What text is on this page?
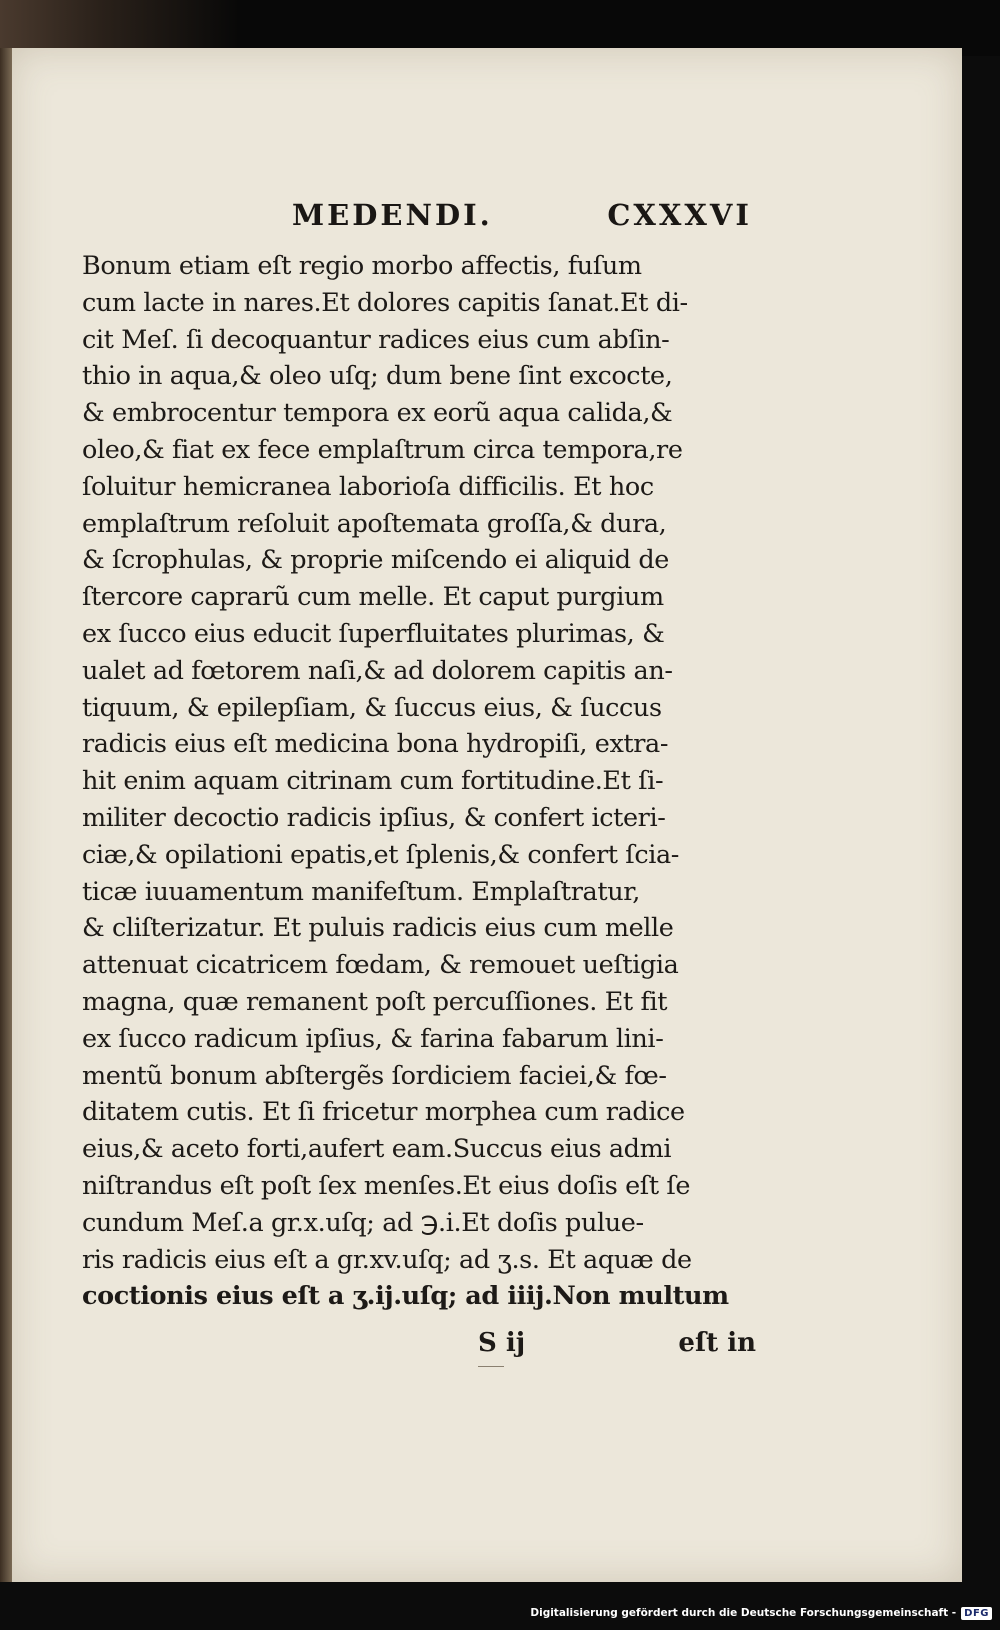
MEDENDI.	CXXXVI
Bonum etiam eſt regio morbo affectis, fuſum
cum lacte in nares.Et dolores capitis ſanat.Et di-
cit Meſ. ſi decoquantur radices eius cum abſin-
thio in aqua,& oleo uſq; dum bene ſint excocte,
& embrocentur tempora ex eorũ aqua calida,&
oleo,& fiat ex fece emplaſtrum circa tempora,re
ſoluitur hemicranea laborioſa difficilis. Et hoc
emplaſtrum reſoluit apoſtemata groſſa,& dura,
& ſcrophulas, & proprie miſcendo ei aliquid de
ſtercore caprarũ cum melle. Et caput purgium
ex ſucco eius educit ſuperfluitates plurimas, &
ualet ad fœtorem naſi,& ad dolorem capitis an-
tiquum, & epilepſiam, & ſuccus eius, & ſuccus
radicis eius eſt medicina bona hydropiſi, extra-
hit enim aquam citrinam cum fortitudine.Et ſi-
militer decoctio radicis ipſius, & confert icteri-
ciæ,& opilationi epatis,et ſplenis,& confert ſcia-
ticæ iuuamentum manifeſtum. Emplaſtratur,
& cliſterizatur. Et puluis radicis eius cum melle
attenuat cicatricem fœdam, & remouet ueſtigia
magna, quæ remanent poſt percuſſiones. Et fit
ex ſucco radicum ipſius, & farina fabarum lini-
mentũ bonum abſtergẽs ſordiciem faciei,& fœ-
ditatem cutis. Et ſi fricetur morphea cum radice
eius,& aceto forti,aufert eam.Succus eius admi
niſtrandus eſt poſt ſex menſes.Et eius doſis eſt ſe
cundum Meſ.a gr.x.uſq; ad ℈.i.Et doſis pulue-
ris radicis eius eſt a gr.xv.uſq; ad ʒ.s. Et aquæ de
coctionis eius eſt a ʒ.ij.uſq; ad iiij.Non multum
S ij	eſt in
Digitalisierung gefördert durch die Deutsche Forschungsgemeinschaft - DFG
